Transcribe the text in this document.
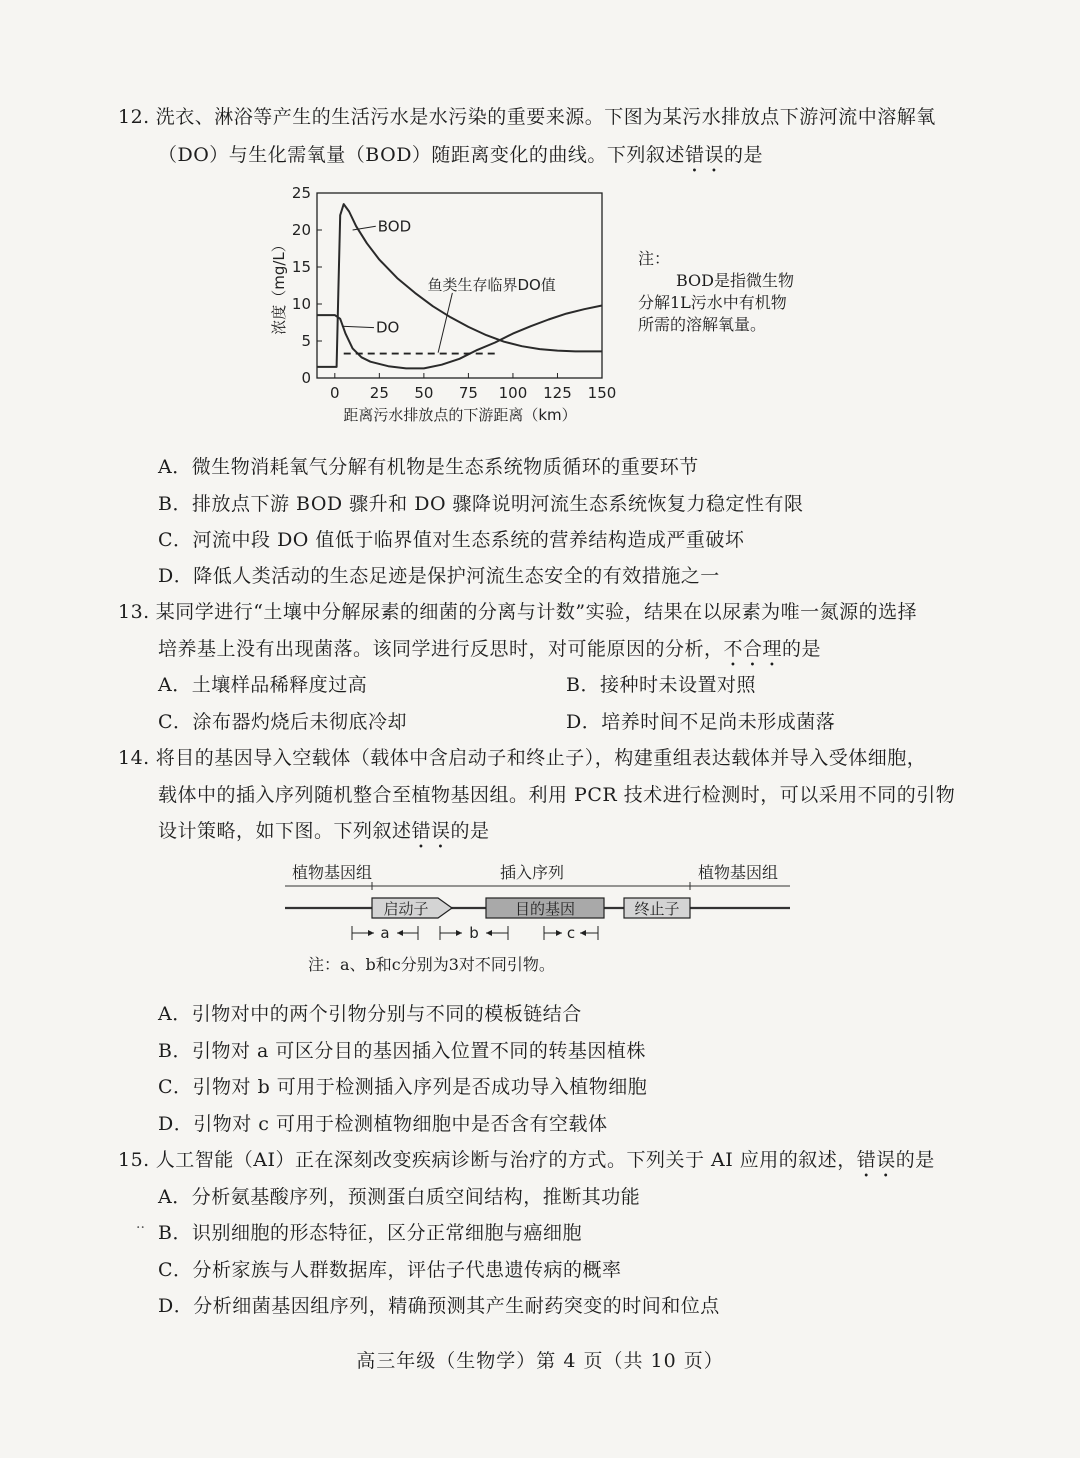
12. 洗衣、淋浴等产生的生活污水是水污染的重要来源。下图为某污水排放点下游河流中溶解氧
（DO）与生化需氧量（BOD）随距离变化的曲线。下列叙述错误的是
0
5
10
15
20
25
0 25 50 75 100 125 150
BOD
DO
鱼类生存临界DO值
浓度（mg/L）
距离污水排放点的下游距离（km）
注：
BOD是指微生物
分解1L污水中有机物
所需的溶解氧量。
A．微生物消耗氧气分解有机物是生态系统物质循环的重要环节
B．排放点下游 BOD 骤升和 DO 骤降说明河流生态系统恢复力稳定性有限
C．河流中段 DO 值低于临界值对生态系统的营养结构造成严重破坏
D．降低人类活动的生态足迹是保护河流生态安全的有效措施之一
13. 某同学进行“土壤中分解尿素的细菌的分离与计数”实验，结果在以尿素为唯一氮源的选择
培养基上没有出现菌落。该同学进行反思时，对可能原因的分析，不合理的是
A．土壤样品稀释度过高	B．接种时未设置对照
C．涂布器灼烧后未彻底冷却	D．培养时间不足尚未形成菌落
14. 将目的基因导入空载体（载体中含启动子和终止子），构建重组表达载体并导入受体细胞，
载体中的插入序列随机整合至植物基因组。利用 PCR 技术进行检测时，可以采用不同的引物
设计策略，如下图。下列叙述错误的是
植物基因组	插入序列	植物基因组
启动子	目的基因	终止子
a	b	c
注：a、b和c分别为3对不同引物。
A．引物对中的两个引物分别与不同的模板链结合
B．引物对 a 可区分目的基因插入位置不同的转基因植株
C．引物对 b 可用于检测插入序列是否成功导入植物细胞
D．引物对 c 可用于检测植物细胞中是否含有空载体
15. 人工智能（AI）正在深刻改变疾病诊断与治疗的方式。下列关于 AI 应用的叙述，错误的是
A．分析氨基酸序列，预测蛋白质空间结构，推断其功能
·· B．识别细胞的形态特征，区分正常细胞与癌细胞
C．分析家族与人群数据库，评估子代患遗传病的概率
D．分析细菌基因组序列，精确预测其产生耐药突变的时间和位点
高三年级（生物学）第 4 页（共 10 页）
